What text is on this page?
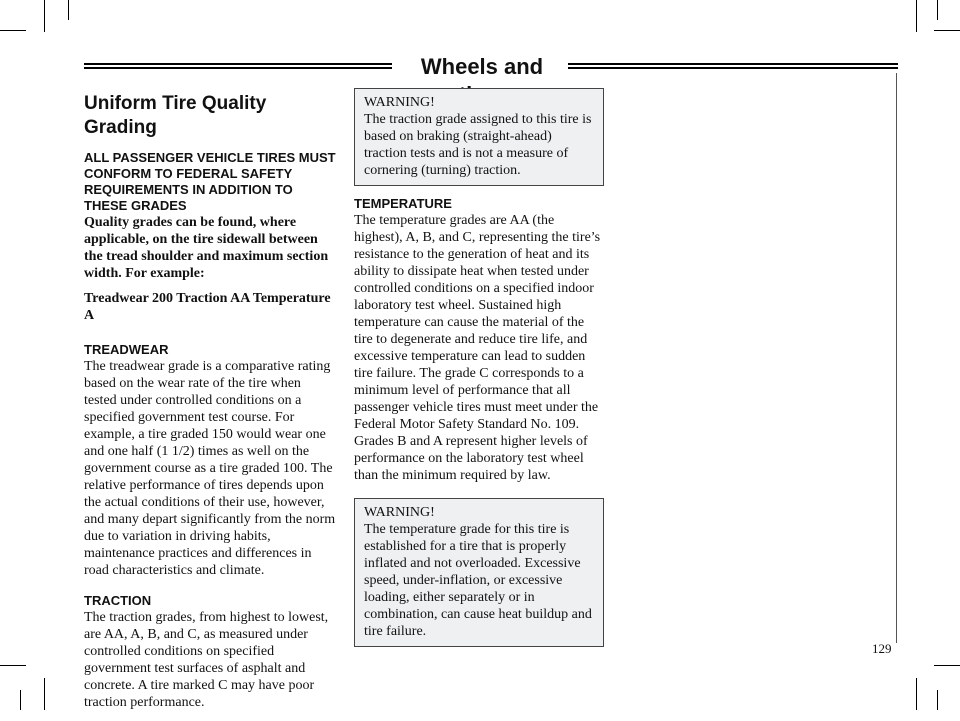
Wheels and
Uniform Tire Quality Grading

ALL PASSENGER VEHICLE TIRES MUST CONFORM TO FEDERAL SAFETY REQUIREMENTS IN ADDITION TO THESE GRADES

Quality grades can be found, where applicable, on the tire sidewall between the tread shoulder and maximum section width. For example:

Treadwear 200 Traction AA Temperature A

TREADWEAR

The treadwear grade is a comparative rating based on the wear rate of the tire when tested under controlled conditions on a specified government test course. For example, a tire graded 150 would wear one and one half (1 1/2) times as well on the government course as a tire graded 100. The relative performance of tires depends upon the actual conditions of their use, however, and many depart significantly from the norm due to variation in driving habits, maintenance practices and differences in road characteristics and climate.

TRACTION

The traction grades, from highest to lowest, are AA, A, B, and C, as measured under controlled conditions on specified government test surfaces of asphalt and concrete. A tire marked C may have poor traction performance.

WARNING!

The traction grade assigned to this tire is based on braking (straight-ahead) traction tests and is not a measure of cornering (turning) traction.

TEMPERATURE

The temperature grades are AA (the highest), A, B, and C, representing the tire’s resistance to the generation of heat and its ability to dissipate heat when tested under controlled conditions on a specified indoor laboratory test wheel. Sustained high temperature can cause the material of the tire to degenerate and reduce tire life, and excessive temperature can lead to sudden tire failure. The grade C corresponds to a minimum level of performance that all passenger vehicle tires must meet under the Federal Motor Safety Standard No. 109. Grades B and A represent higher levels of performance on the laboratory test wheel than the minimum required by law.

WARNING!

The temperature grade for this tire is established for a tire that is properly inflated and not overloaded. Excessive speed, under-inflation, or excessive loading, either separately or in combination, can cause heat buildup and tire failure.

129
